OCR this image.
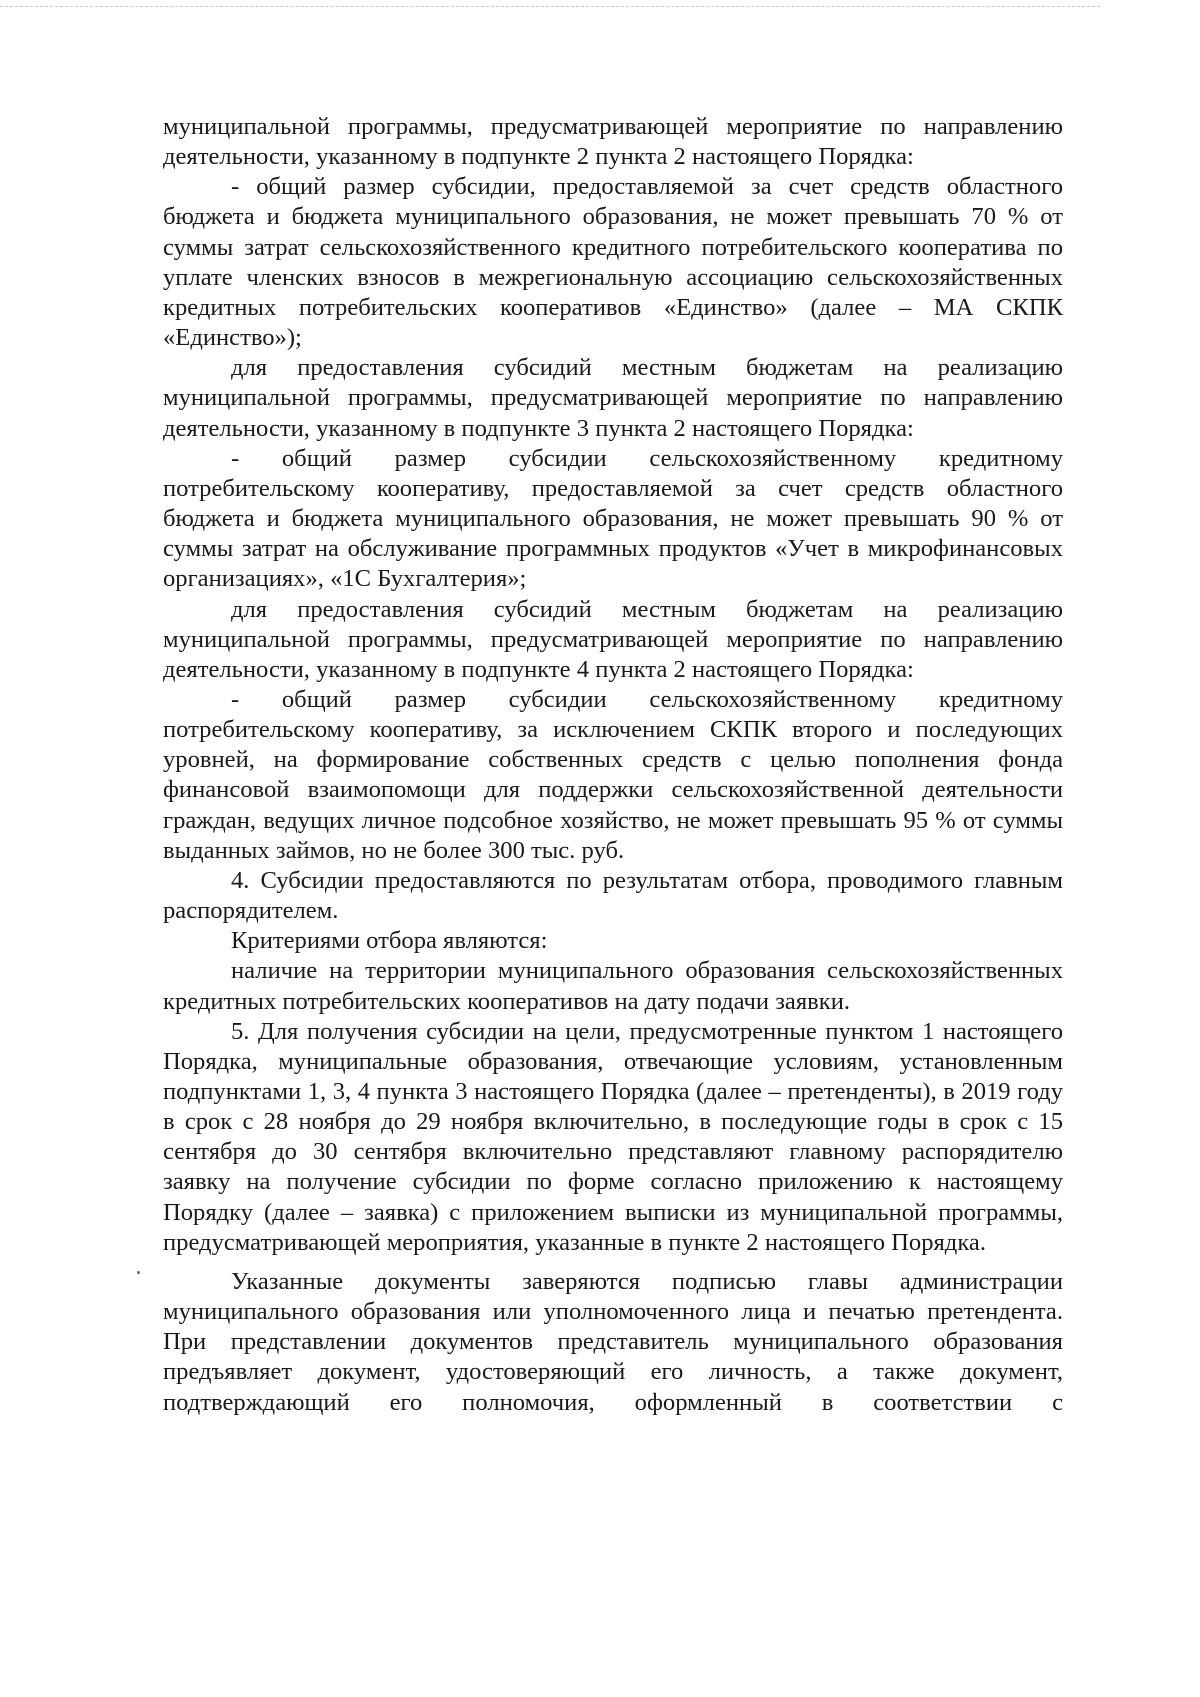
муниципальной программы, предусматривающей мероприятие по направлению деятельности, указанному в подпункте 2 пункта 2 настоящего Порядка:

- общий размер субсидии, предоставляемой за счет средств областного бюджета и бюджета муниципального образования, не может превышать 70 % от суммы затрат сельскохозяйственного кредитного потребительского кооператива по уплате членских взносов в межрегиональную ассоциацию сельскохозяйственных кредитных потребительских кооперативов «Единство» (далее – МА СКПК «Единство»);

для предоставления субсидий местным бюджетам на реализацию муниципальной программы, предусматривающей мероприятие по направлению деятельности, указанному в подпункте 3 пункта 2 настоящего Порядка:

- общий размер субсидии сельскохозяйственному кредитному потребительскому кооперативу, предоставляемой за счет средств областного бюджета и бюджета муниципального образования, не может превышать 90 % от суммы затрат на обслуживание программных продуктов «Учет в микрофинансовых организациях», «1С Бухгалтерия»;

для предоставления субсидий местным бюджетам на реализацию муниципальной программы, предусматривающей мероприятие по направлению деятельности, указанному в подпункте 4 пункта 2 настоящего Порядка:

- общий размер субсидии сельскохозяйственному кредитному потребительскому кооперативу, за исключением СКПК второго и последующих уровней, на формирование собственных средств с целью пополнения фонда финансовой взаимопомощи для поддержки сельскохозяйственной деятельности граждан, ведущих личное подсобное хозяйство, не может превышать 95 % от суммы выданных займов, но не более 300 тыс. руб.

4. Субсидии предоставляются по результатам отбора, проводимого главным распорядителем.

Критериями отбора являются:

наличие на территории муниципального образования сельскохозяйственных кредитных потребительских кооперативов на дату подачи заявки.

5. Для получения субсидии на цели, предусмотренные пунктом 1 настоящего Порядка, муниципальные образования, отвечающие условиям, установленным подпунктами 1, 3, 4 пункта 3 настоящего Порядка (далее – претенденты), в 2019 году в срок с 28 ноября до 29 ноября включительно, в последующие годы в срок с 15 сентября до 30 сентября включительно представляют главному распорядителю заявку на получение субсидии по форме согласно приложению к настоящему Порядку (далее – заявка) с приложением выписки из муниципальной программы, предусматривающей мероприятия, указанные в пункте 2 настоящего Порядка.

Указанные документы заверяются подписью главы администрации муниципального образования или уполномоченного лица и печатью претендента. При представлении документов представитель муниципального образования предъявляет документ, удостоверяющий его личность, а также документ, подтверждающий его полномочия, оформленный в соответствии с
